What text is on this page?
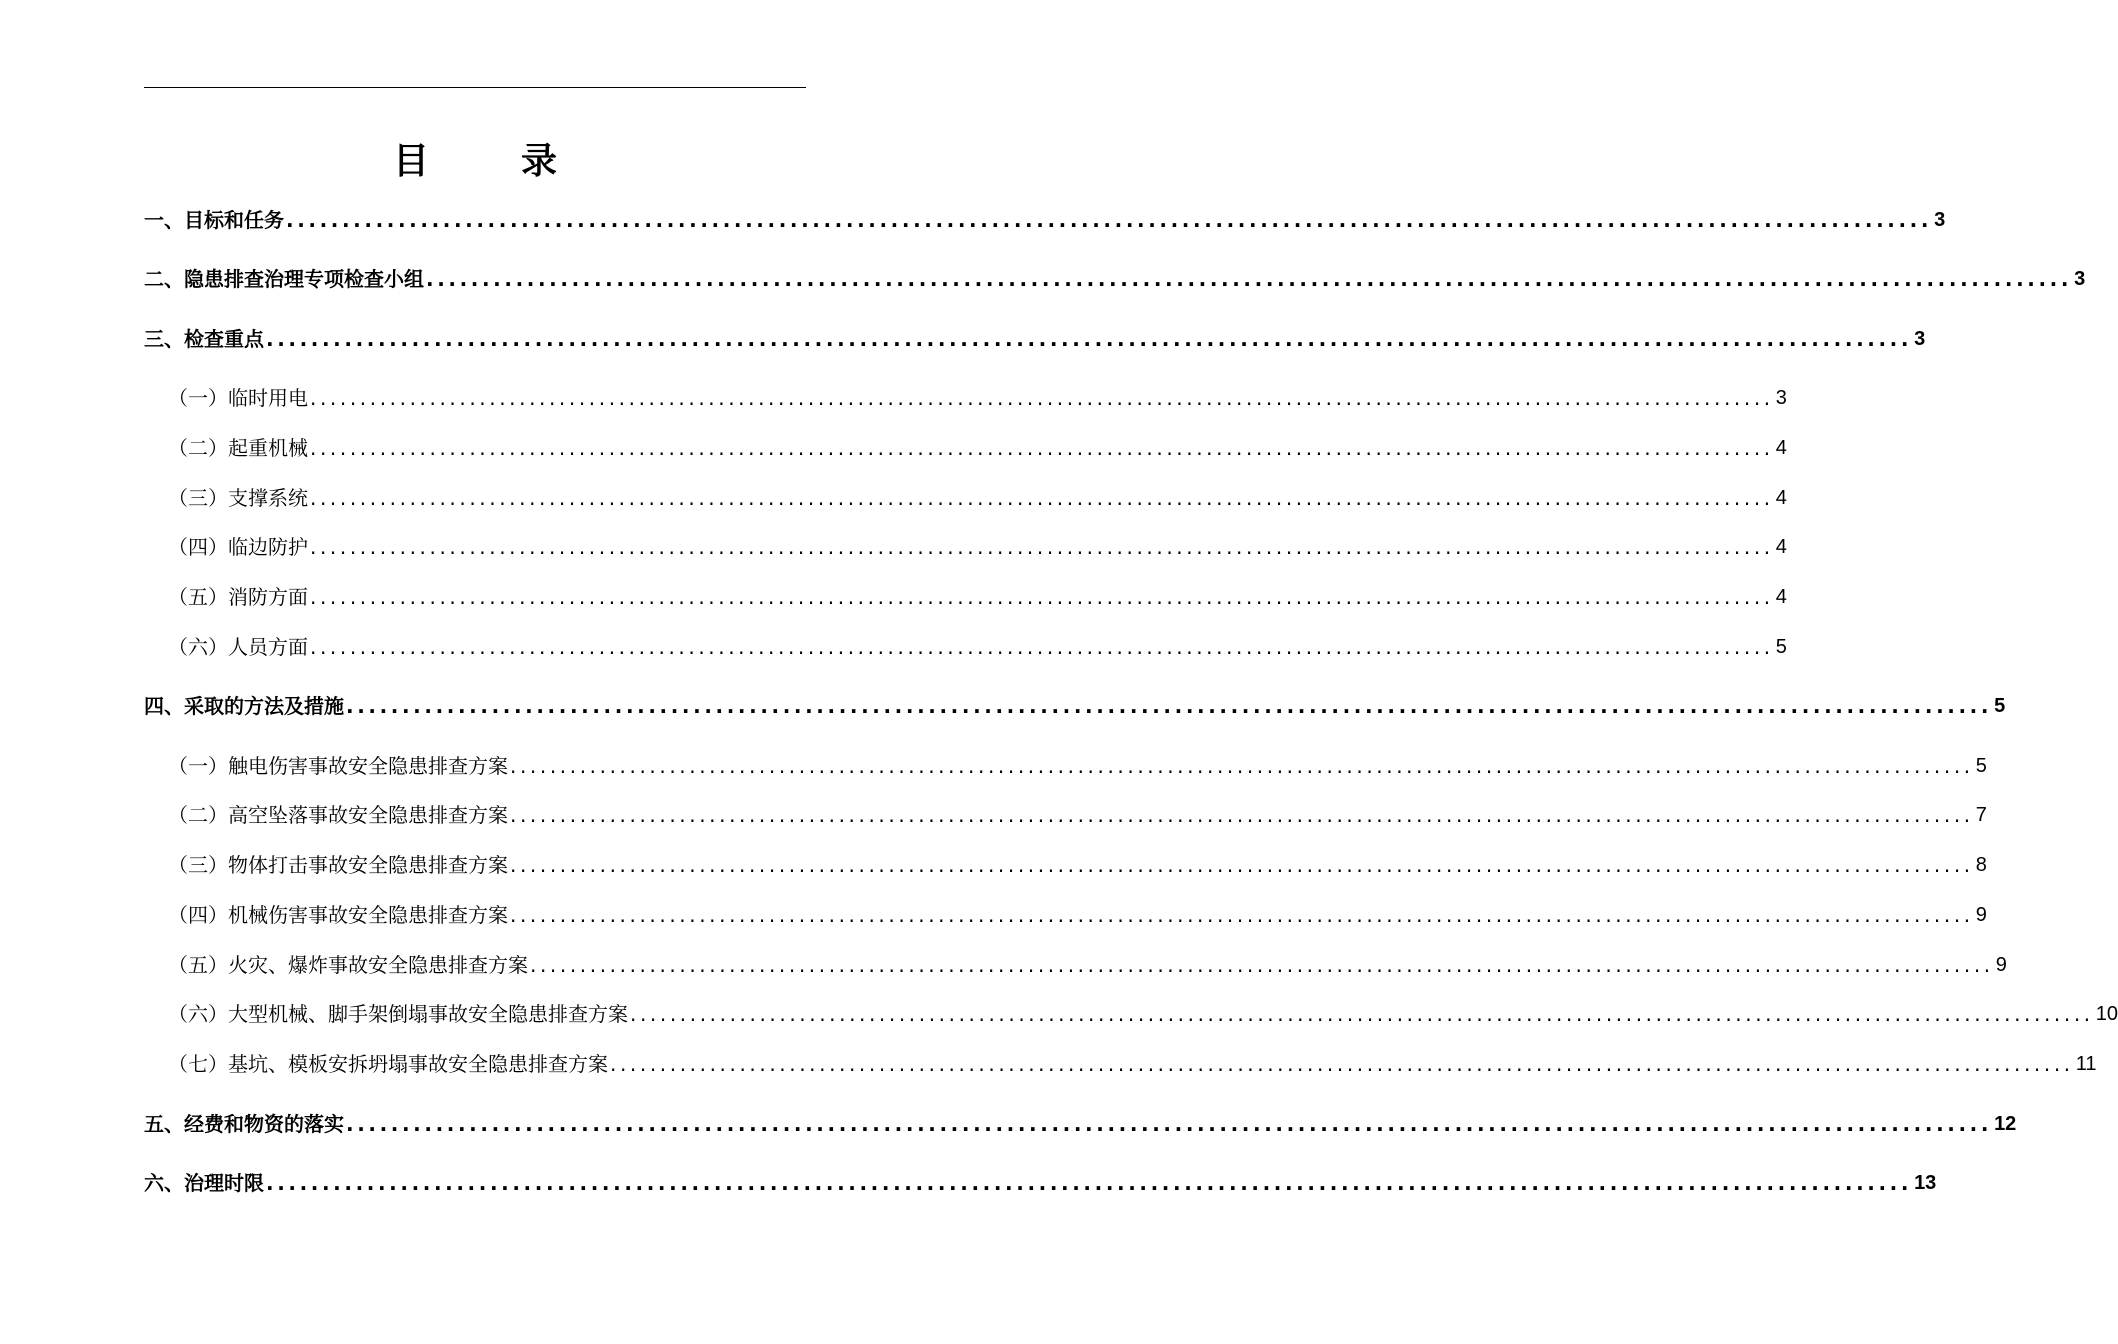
目　录
一、目标和任务 ................................................................................................................................................... 3
二、隐患排查治理专项检查小组 ................................................................................................................................................... 3
三、检查重点 ................................................................................................................................................... 3
（一）临时用电 ................................................................................................................................................... 3
（二）起重机械 ................................................................................................................................................... 4
（三）支撑系统 ................................................................................................................................................... 4
（四）临边防护 ................................................................................................................................................... 4
（五）消防方面 ................................................................................................................................................... 4
（六）人员方面 ................................................................................................................................................... 5
四、采取的方法及措施 ................................................................................................................................................... 5
（一）触电伤害事故安全隐患排查方案 ................................................................................................................................................... 5
（二）高空坠落事故安全隐患排查方案 ................................................................................................................................................... 7
（三）物体打击事故安全隐患排查方案 ................................................................................................................................................... 8
（四）机械伤害事故安全隐患排查方案 ................................................................................................................................................... 9
（五）火灾、爆炸事故安全隐患排查方案 ................................................................................................................................................... 9
（六）大型机械、脚手架倒塌事故安全隐患排查方案 ................................................................................................................................................... 10
（七）基坑、模板安拆坍塌事故安全隐患排查方案 ................................................................................................................................................... 11
五、经费和物资的落实 ................................................................................................................................................... 12
六、治理时限 ................................................................................................................................................... 13
